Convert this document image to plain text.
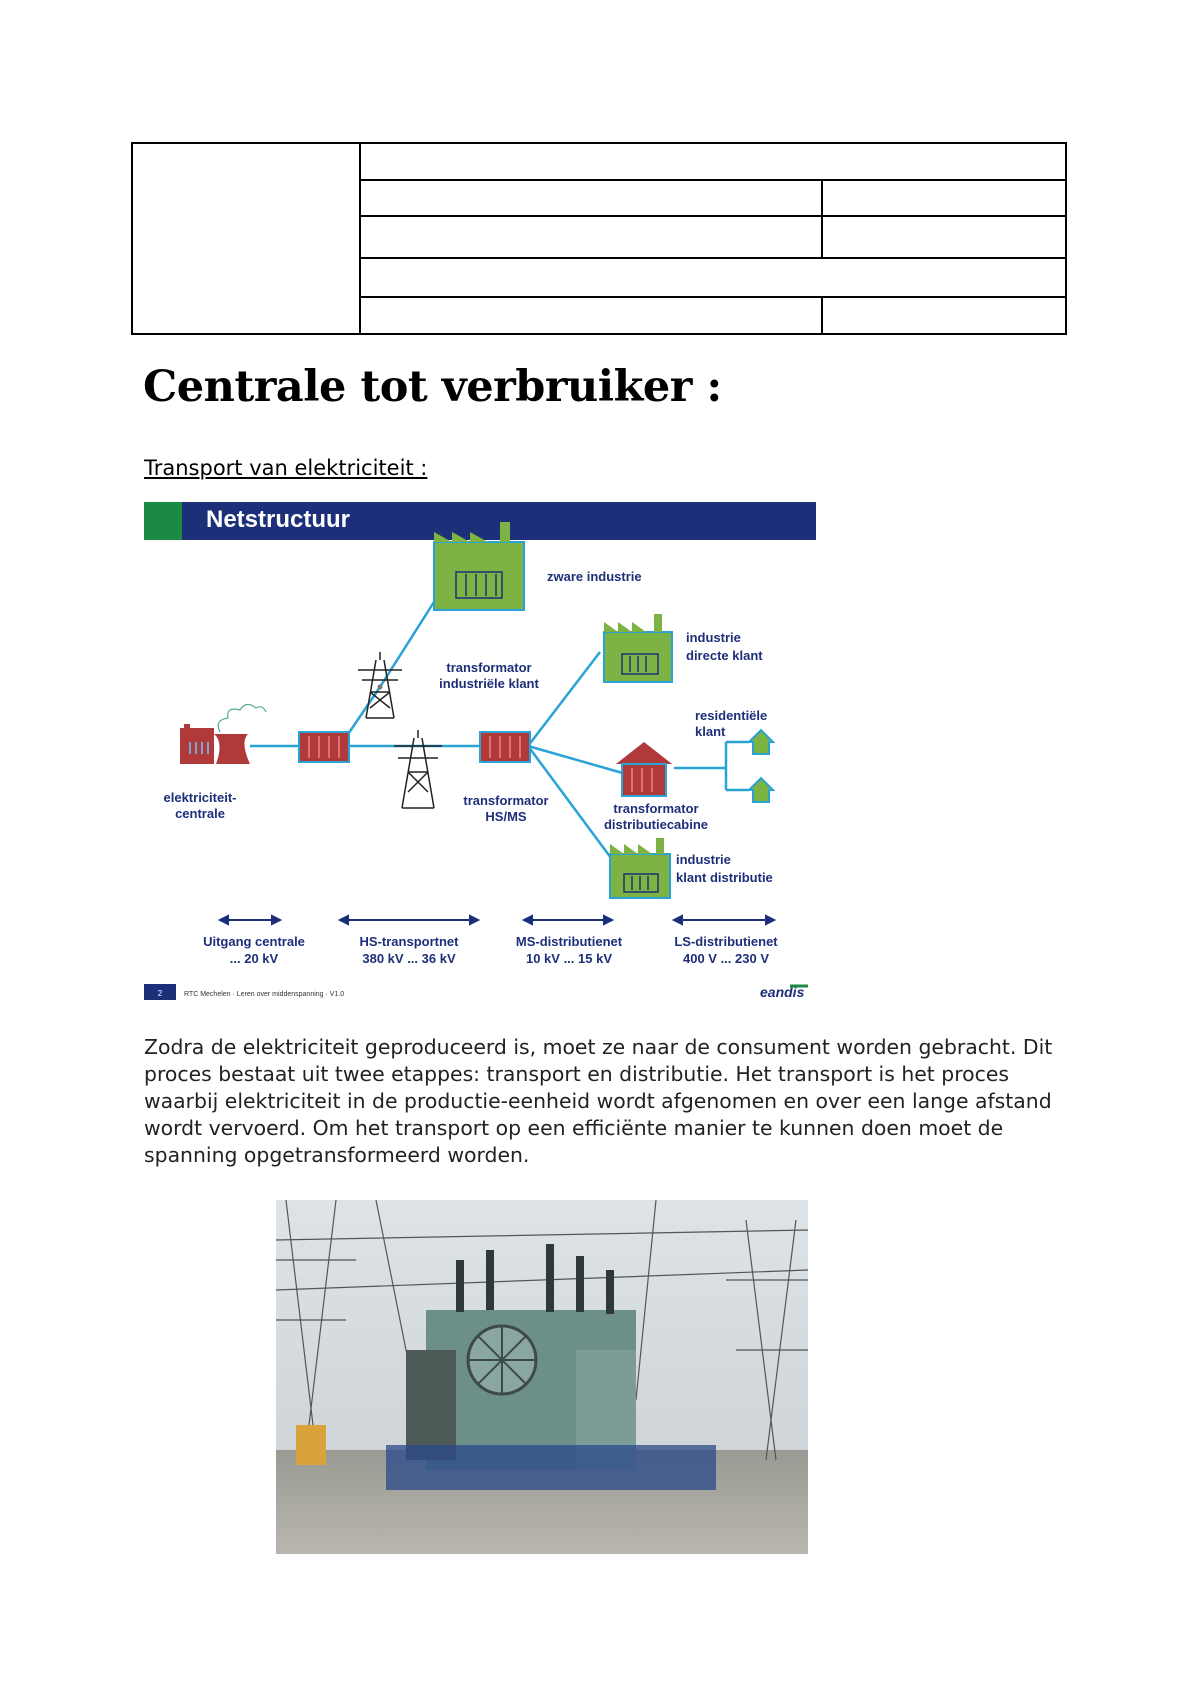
Centrale tot verbruiker :

Transport van elektriciteit :

Netstructuur
elektriciteit-
centrale
zware industrie
transformator
industriële klant
transformator
HS/MS
industrie
directe klant
transformator
distributiecabine
residentiële
klant
industrie
klant distributie
Uitgang centrale
... 20 kV
HS-transportnet
380 kV ... 36 kV
MS-distributienet
10 kV ... 15 kV
LS-distributienet
400 V ... 230 V
2	RTC Mechelen · Leren over middenspanning · V1.0	eandis

Zodra de elektriciteit geproduceerd is, moet ze naar de consument worden gebracht. Dit proces bestaat uit twee etappes: transport en distributie. Het transport is het proces waarbij elektriciteit in de productie-eenheid wordt afgenomen en over een lange afstand wordt vervoerd. Om het transport op een efficiënte manier te kunnen doen moet de spanning opgetransformeerd worden.
